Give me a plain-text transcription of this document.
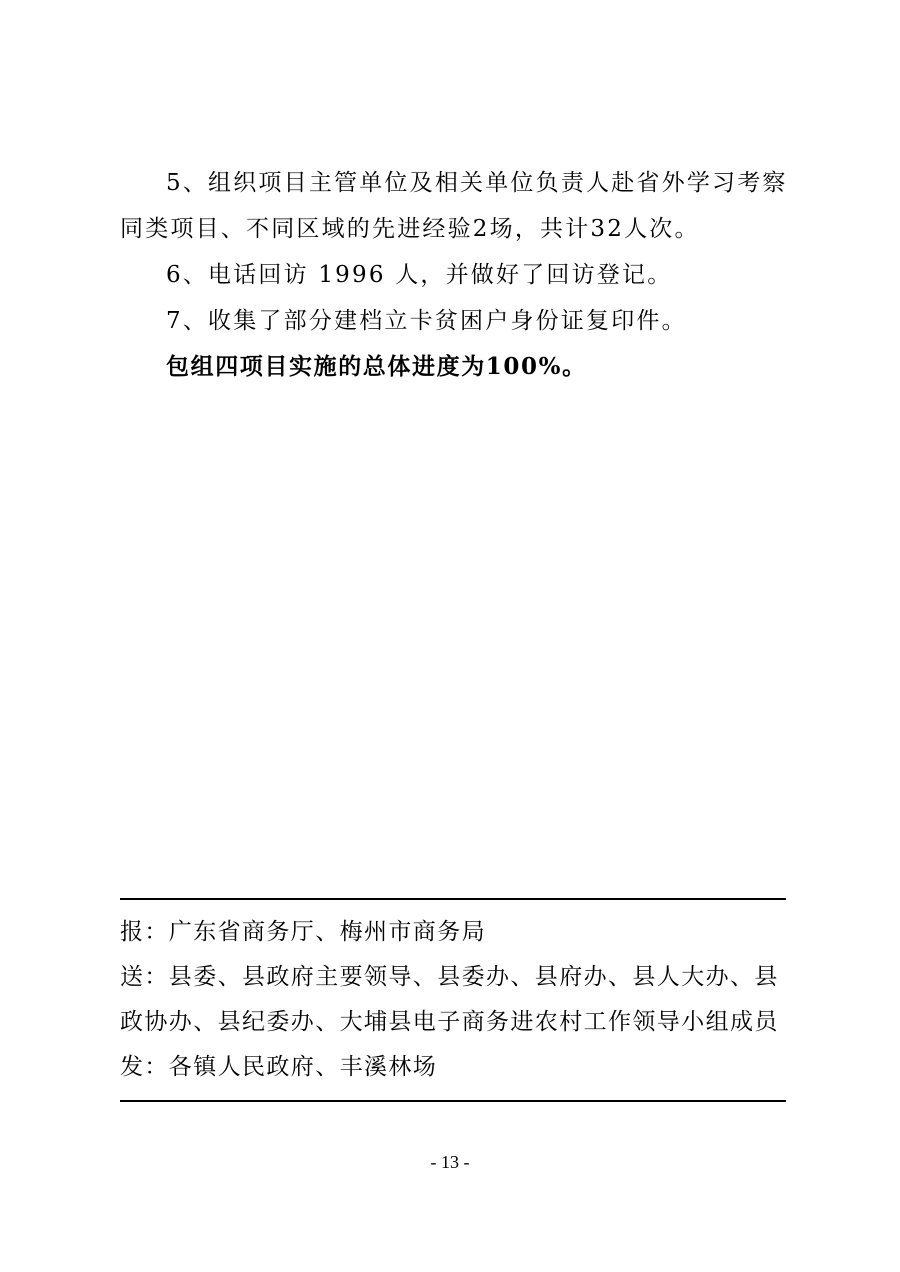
5、组织项目主管单位及相关单位负责人赴省外学习考察同类项目、不同区域的先进经验2场，共计32人次。

6、电话回访 1996 人，并做好了回访登记。

7、收集了部分建档立卡贫困户身份证复印件。

包组四项目实施的总体进度为100%。

报：广东省商务厅、梅州市商务局

送：县委、县政府主要领导、县委办、县府办、县人大办、县政协办、县纪委办、大埔县电子商务进农村工作领导小组成员

发：各镇人民政府、丰溪林场

- 13 -
